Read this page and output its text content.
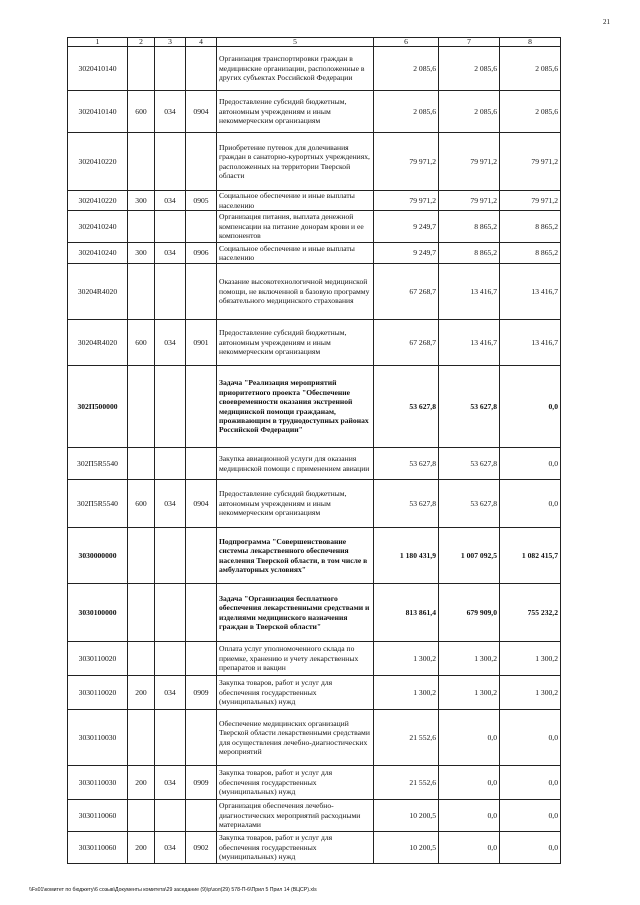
21
1	2	3	4	5	6	7	8
3020410140				Организация транспортировки граждан в медицинские организации, расположенные в других субъектах Российской Федерации	2 085,6	2 085,6	2 085,6
3020410140	600	034	0904	Предоставление субсидий бюджетным, автономным учреждениям и иным некоммерческим организациям	2 085,6	2 085,6	2 085,6
3020410220				Приобретение путевок для долечивания граждан в санаторно-курортных учреждениях, расположенных на территории Тверской области	79 971,2	79 971,2	79 971,2
3020410220	300	034	0905	Социальное обеспечение и иные выплаты населению	79 971,2	79 971,2	79 971,2
3020410240				Организация питания, выплата денежной компенсации на питание донорам крови и ее компонентов	9 249,7	8 865,2	8 865,2
3020410240	300	034	0906	Социальное обеспечение и иные выплаты населению	9 249,7	8 865,2	8 865,2
30204R4020				Оказание высокотехнологичной медицинской помощи, не включенной в базовую программу обязательного медицинского страхования	67 268,7	13 416,7	13 416,7
30204R4020	600	034	0901	Предоставление субсидий бюджетным, автономным учреждениям и иным некоммерческим организациям	67 268,7	13 416,7	13 416,7
302П500000				Задача "Реализация мероприятий приоритетного проекта "Обеспечение своевременности оказания экстренной медицинской помощи гражданам, проживающим в труднодоступных районах Российской Федерации"	53 627,8	53 627,8	0,0
302П5R5540				Закупка авиационной услуги для оказания медицинской помощи с применением авиации	53 627,8	53 627,8	0,0
302П5R5540	600	034	0904	Предоставление субсидий бюджетным, автономным учреждениям и иным некоммерческим организациям	53 627,8	53 627,8	0,0
3030000000				Подпрограмма "Совершенствование системы лекарственного обеспечения населения Тверской области, в том числе в амбулаторных условиях"	1 180 431,9	1 007 092,5	1 082 415,7
3030100000				Задача "Организация бесплатного обеспечения лекарственными средствами и изделиями медицинского назначения граждан в Тверской области"	813 861,4	679 909,0	755 232,2
3030110020				Оплата услуг уполномоченного склада по приемке, хранению и учету лекарственных препаратов и вакцин	1 300,2	1 300,2	1 300,2
3030110020	200	034	0909	Закупка товаров, работ и услуг для обеспечения государственных (муниципальных) нужд	1 300,2	1 300,2	1 300,2
3030110030				Обеспечение медицинских организаций Тверской области лекарственными средствами для осуществления лечебно-диагностических мероприятий	21 552,6	0,0	0,0
3030110030	200	034	0909	Закупка товаров, работ и услуг для обеспечения государственных (муниципальных) нужд	21 552,6	0,0	0,0
3030110060				Организация обеспечения лечебно-диагностических мероприятий расходными материалами	10 200,5	0,0	0,0
3030110060	200	034	0902	Закупка товаров, работ и услуг для обеспечения государственных (муниципальных) нужд	10 200,5	0,0	0,0
\\Fs01\комитет по бюджету\6 созыв\Документы комитета\29 заседание (9)\р\зол(29) 578-П-6\Прил 5 Прил 14 (ВЦСР).xls
